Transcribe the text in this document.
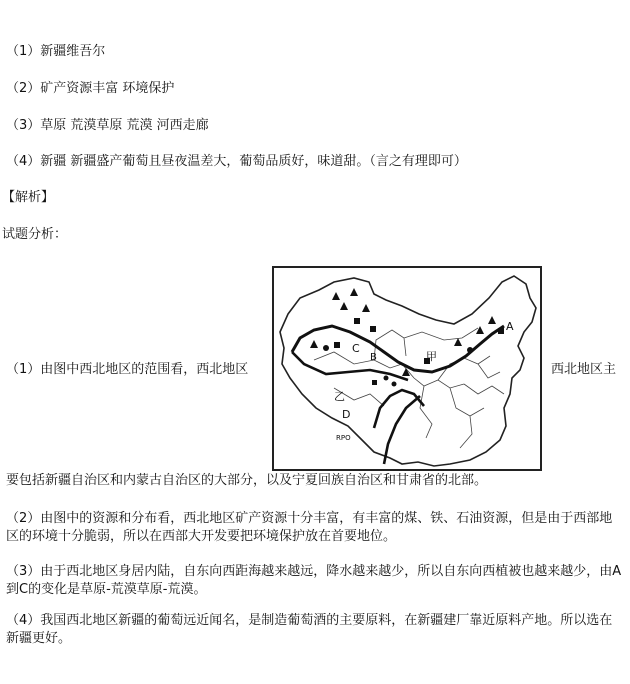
（1）新疆维吾尔
（2）矿产资源丰富 环境保护
（3）草原 荒漠草原 荒漠 河西走廊
（4）新疆 新疆盛产葡萄且昼夜温差大，葡萄品质好，味道甜。（言之有理即可）
【解析】
试题分析：
（1）由图中西北地区的范围看，西北地区	西北地区主
A
B
C
D
甲
乙
RPO
要包括新疆自治区和内蒙古自治区的大部分，以及宁夏回族自治区和甘肃省的北部。
（2）由图中的资源和分布看，西北地区矿产资源十分丰富，有丰富的煤、铁、石油资源，但是由于西部地区的环境十分脆弱，所以在西部大开发要把环境保护放在首要地位。
（3）由于西北地区身居内陆，自东向西距海越来越远，降水越来越少，所以自东向西植被也越来越少，由A到C的变化是草原-荒漠草原-荒漠。
（4）我国西北地区新疆的葡萄远近闻名，是制造葡萄酒的主要原料，在新疆建厂靠近原料产地。所以选在新疆更好。
